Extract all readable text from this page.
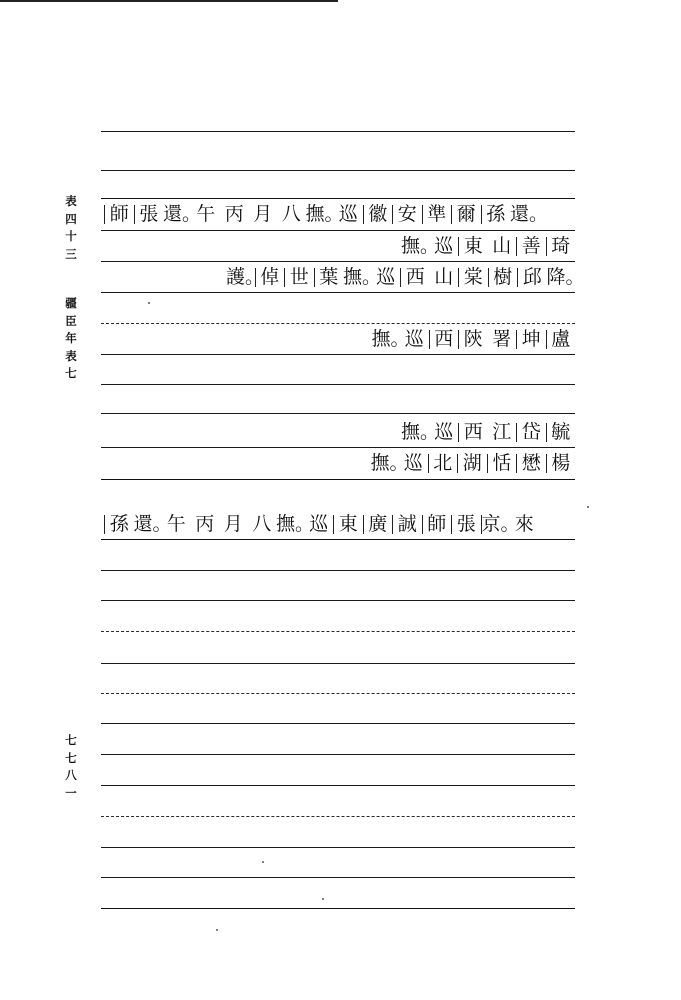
表
四
十
三
疆
臣
年
表
七
七
七
八
一
師 張 還。午 丙 月 八 撫。巡 徽 安 準 爾 孫 還。
撫。巡 東 山 善 琦
護。倬 世 葉 撫。巡 西 山 棠 樹 邱 降。
撫。巡 西 陝 署 坤 盧
撫。巡 西 江 岱 毓
撫。巡 北 湖 恬 懋 楊
孫 還。午 丙 月 八 撫。巡 東 廣 誠 師 張 京。來
